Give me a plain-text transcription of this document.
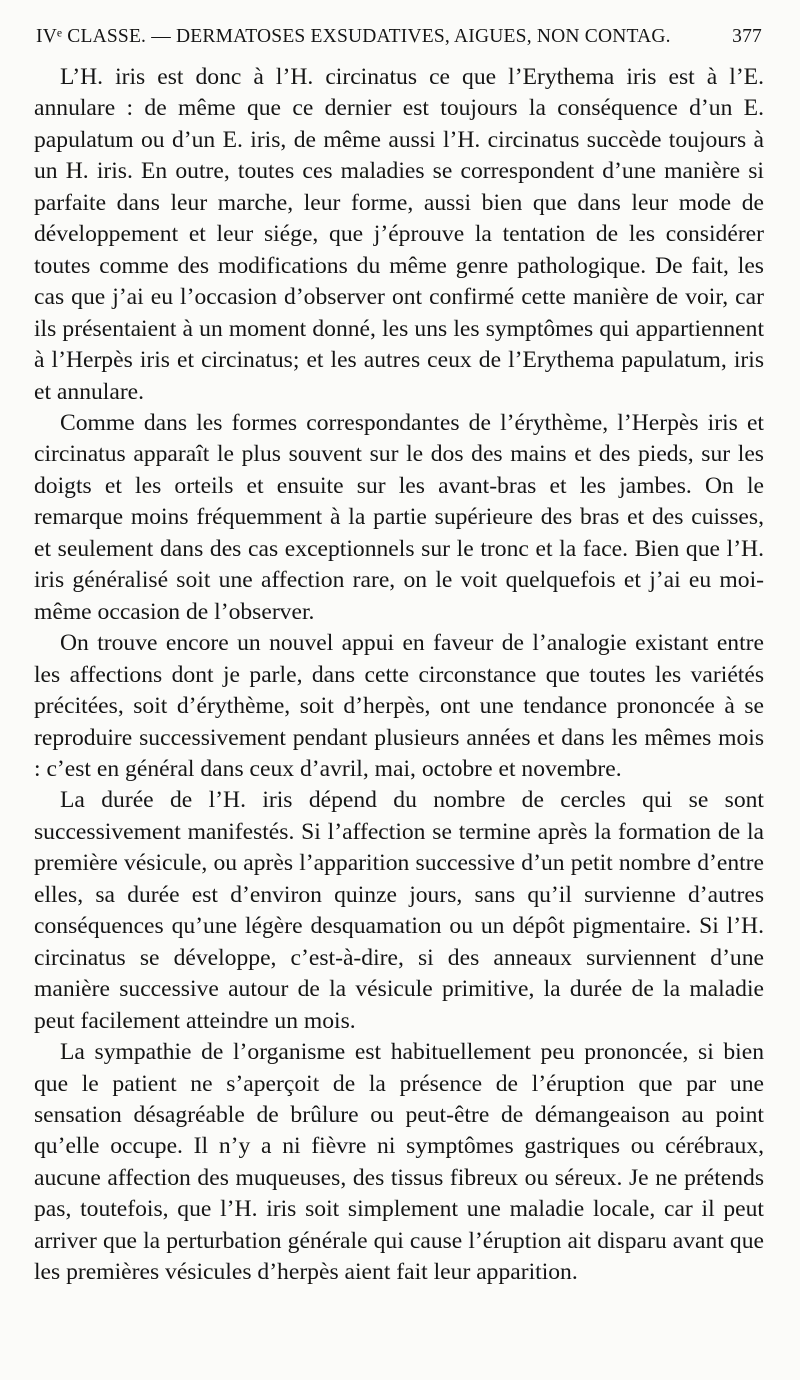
IVᵉ CLASSE. — DERMATOSES EXSUDATIVES, AIGUES, NON CONTAG.	377

L’H. iris est donc à l’H. circinatus ce que l’Erythema iris est à l’E. annulare : de même que ce dernier est toujours la conséquence d’un E. papulatum ou d’un E. iris, de même aussi l’H. circinatus succède toujours à un H. iris. En outre, toutes ces maladies se correspondent d’une manière si parfaite dans leur marche, leur forme, aussi bien que dans leur mode de développement et leur siége, que j’éprouve la tentation de les considérer toutes comme des modifications du même genre pathologique. De fait, les cas que j’ai eu l’occasion d’observer ont confirmé cette manière de voir, car ils présentaient à un moment donné, les uns les symptômes qui appartiennent à l’Herpès iris et circinatus; et les autres ceux de l’Erythema papulatum, iris et annulare.

Comme dans les formes correspondantes de l’érythème, l’Herpès iris et circinatus apparaît le plus souvent sur le dos des mains et des pieds, sur les doigts et les orteils et ensuite sur les avant-bras et les jambes. On le remarque moins fréquemment à la partie supérieure des bras et des cuisses, et seulement dans des cas exceptionnels sur le tronc et la face. Bien que l’H. iris généralisé soit une affection rare, on le voit quelquefois et j’ai eu moi-même occasion de l’observer.

On trouve encore un nouvel appui en faveur de l’analogie existant entre les affections dont je parle, dans cette circonstance que toutes les variétés précitées, soit d’érythème, soit d’herpès, ont une tendance prononcée à se reproduire successivement pendant plusieurs années et dans les mêmes mois : c’est en général dans ceux d’avril, mai, octobre et novembre.

La durée de l’H. iris dépend du nombre de cercles qui se sont successivement manifestés. Si l’affection se termine après la formation de la première vésicule, ou après l’apparition successive d’un petit nombre d’entre elles, sa durée est d’environ quinze jours, sans qu’il survienne d’autres conséquences qu’une légère desquamation ou un dépôt pigmentaire. Si l’H. circinatus se développe, c’est-à-dire, si des anneaux surviennent d’une manière successive autour de la vésicule primitive, la durée de la maladie peut facilement atteindre un mois.

La sympathie de l’organisme est habituellement peu prononcée, si bien que le patient ne s’aperçoit de la présence de l’éruption que par une sensation désagréable de brûlure ou peut-être de démangeaison au point qu’elle occupe. Il n’y a ni fièvre ni symptômes gastriques ou cérébraux, aucune affection des muqueuses, des tissus fibreux ou séreux. Je ne prétends pas, toutefois, que l’H. iris soit simplement une maladie locale, car il peut arriver que la perturbation générale qui cause l’éruption ait disparu avant que les premières vésicules d’herpès aient fait leur apparition.
